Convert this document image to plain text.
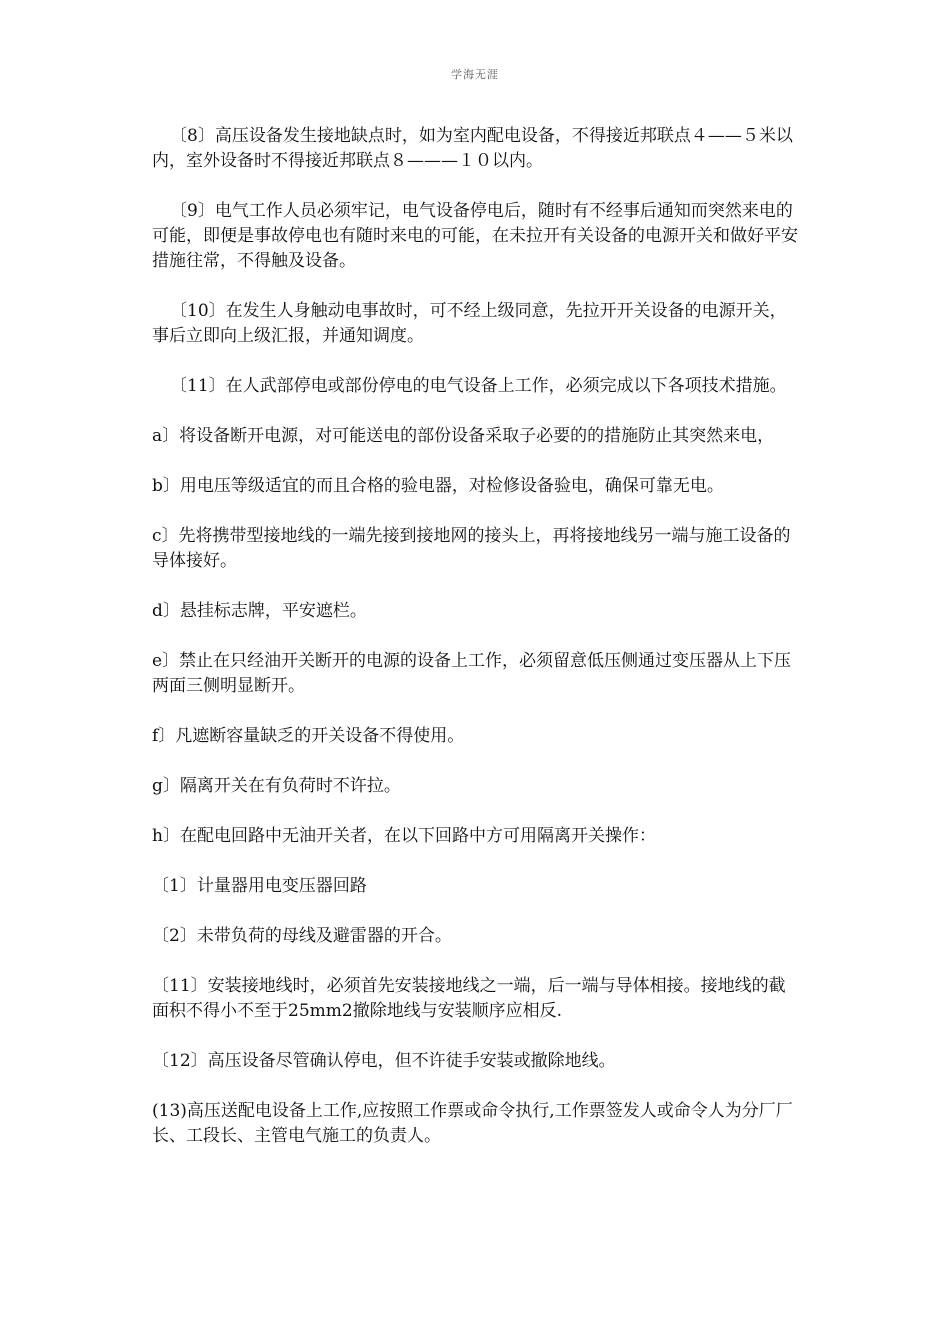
学海无涯

〔8〕高压设备发生接地缺点时，如为室内配电设备，不得接近邦联点４——５米以内，室外设备时不得接近邦联点８———１０以内。

〔9〕电气工作人员必须牢记，电气设备停电后，随时有不经事后通知而突然来电的可能，即便是事故停电也有随时来电的可能，在未拉开有关设备的电源开关和做好平安措施往常，不得触及设备。

〔10〕在发生人身触动电事故时，可不经上级同意，先拉开开关设备的电源开关，事后立即向上级汇报，并通知调度。

〔11〕在人武部停电或部份停电的电气设备上工作，必须完成以下各项技术措施。

a〕将设备断开电源，对可能送电的部份设备采取子必要的的措施防止其突然来电，

b〕用电压等级适宜的而且合格的验电器，对检修设备验电，确保可靠无电。

c〕先将携带型接地线的一端先接到接地网的接头上，再将接地线另一端与施工设备的导体接好。

d〕悬挂标志牌，平安遮栏。

e〕禁止在只经油开关断开的电源的设备上工作，必须留意低压侧通过变压器从上下压两面三侧明显断开。

f〕凡遮断容量缺乏的开关设备不得使用。

g〕隔离开关在有负荷时不许拉。

h〕在配电回路中无油开关者，在以下回路中方可用隔离开关操作：

〔1〕计量器用电变压器回路

〔2〕未带负荷的母线及避雷器的开合。

〔11〕安装接地线时，必须首先安装接地线之一端，后一端与导体相接。接地线的截面积不得小不至于25mm2撤除地线与安装顺序应相反.

〔12〕高压设备尽管确认停电，但不许徒手安装或撤除地线。

(13)高压送配电设备上工作,应按照工作票或命令执行,工作票签发人或命令人为分厂厂长、工段长、主管电气施工的负责人。
